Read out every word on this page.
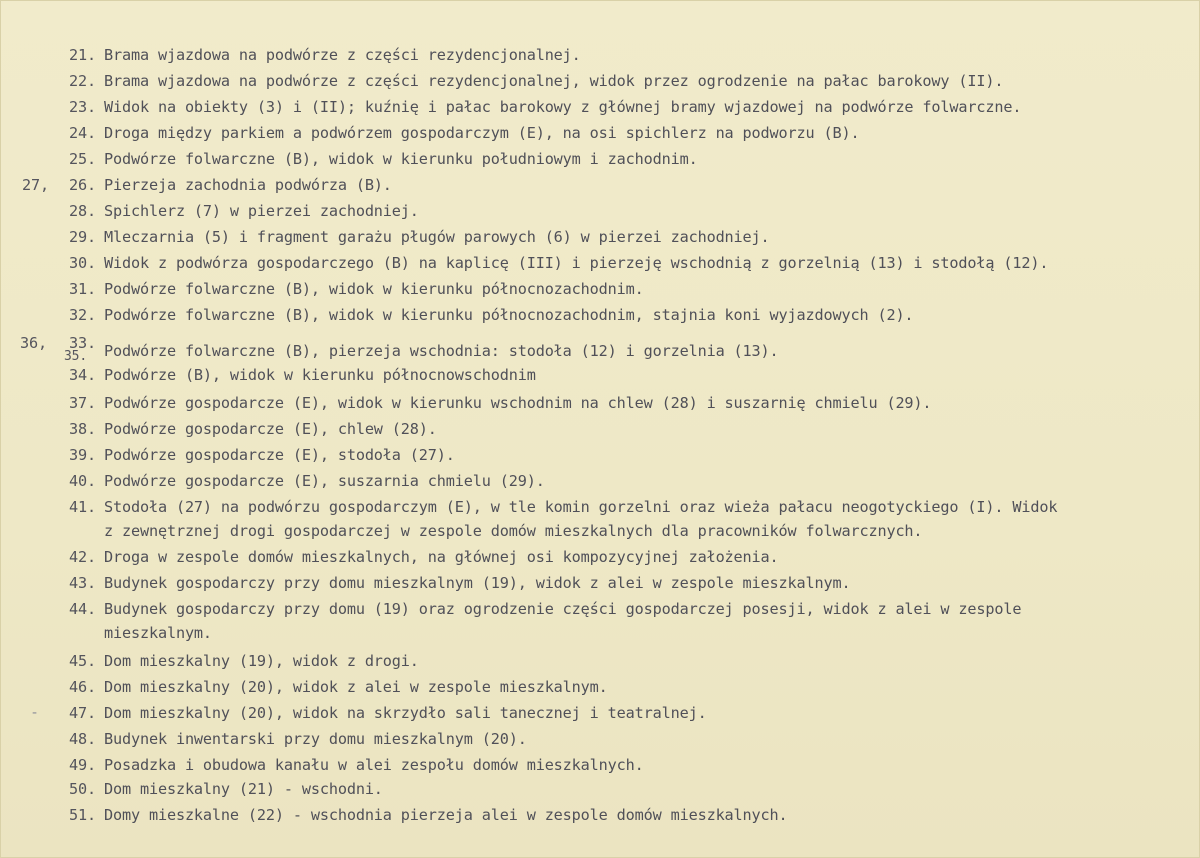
21. Brama wjazdowa na podwórze z części rezydencjonalnej.
22. Brama wjazdowa na podwórze z części rezydencjonalnej, widok przez ogrodzenie na pałac barokowy (II).
23. Widok na obiekty (3) i (II); kuźnię i pałac barokowy z głównej bramy wjazdowej na podwórze folwarczne.
24. Droga między parkiem a podwórzem gospodarczym (E), na osi spichlerz na podworzu (B).
25. Podwórze folwarczne (B), widok w kierunku południowym i zachodnim.
27, 26. Pierzeja zachodnia podwórza (B).
28. Spichlerz (7) w pierzei zachodniej.
29. Mleczarnia (5) i fragment garażu pługów parowych (6) w pierzei zachodniej.
30. Widok z podwórza gospodarczego (B) na kaplicę (III) i pierzeję wschodnią z gorzelnią (13) i stodołą (12).
31. Podwórze folwarczne (B), widok w kierunku północnozachodnim.
32. Podwórze folwarczne (B), widok w kierunku północnozachodnim, stajnia koni wyjazdowych (2).
36,
35.
33. Podwórze folwarczne (B), pierzeja wschodnia: stodoła (12) i gorzelnia (13).
34. Podwórze (B), widok w kierunku północnowschodnim
37. Podwórze gospodarcze (E), widok w kierunku wschodnim na chlew (28) i suszarnię chmielu (29).
38. Podwórze gospodarcze (E), chlew (28).
39. Podwórze gospodarcze (E), stodoła (27).
40. Podwórze gospodarcze (E), suszarnia chmielu (29).
41. Stodoła (27) na podwórzu gospodarczym (E), w tle komin gorzelni oraz wieża pałacu neogotyckiego (I). Widok
z zewnętrznej drogi gospodarczej w zespole domów mieszkalnych dla pracowników folwarcznych.
42. Droga w zespole domów mieszkalnych, na głównej osi kompozycyjnej założenia.
43. Budynek gospodarczy przy domu mieszkalnym (19), widok z alei w zespole mieszkalnym.
44. Budynek gospodarczy przy domu (19) oraz ogrodzenie części gospodarczej posesji, widok z alei w zespole
mieszkalnym.
45. Dom mieszkalny (19), widok z drogi.
46. Dom mieszkalny (20), widok z alei w zespole mieszkalnym.
- 47. Dom mieszkalny (20), widok na skrzydło sali tanecznej i teatralnej.
48. Budynek inwentarski przy domu mieszkalnym (20).
49. Posadzka i obudowa kanału w alei zespołu domów mieszkalnych.
50. Dom mieszkalny (21) - wschodni.
51. Domy mieszkalne (22) - wschodnia pierzeja alei w zespole domów mieszkalnych.
